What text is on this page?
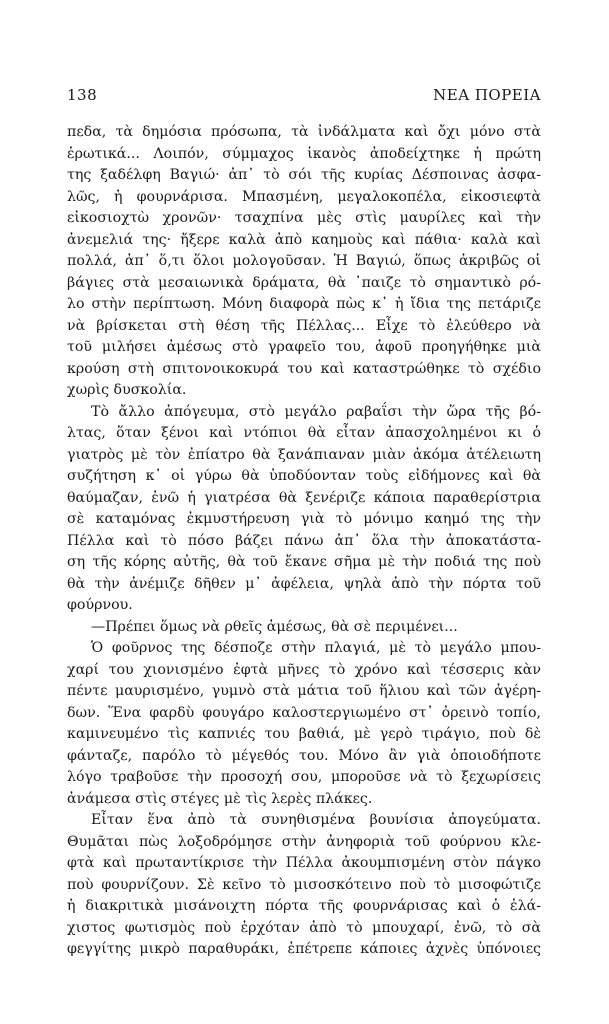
138	ΝΕΑ ΠΟΡΕΙΑ
πεδα, τὰ δημόσια πρόσωπα, τὰ ἰνδάλματα καὶ ὄχι μόνο στὰ
ἐρωτικά... Λοιπόν, σύμμαχος ἱκανὸς ἀποδείχτηκε ἡ πρώτη
της ξαδέλφη Βαγιώ· ἀπ᾽ τὸ σόι τῆς κυρίας Δέσποινας ἀσφα-
λῶς, ἡ φουρνάρισα. Μπασμένη, μεγαλοκοπέλα, εἰκοσιεφτὰ
εἰκοσιοχτὼ χρονῶν· τσαχπίνα μὲς στὶς μαυρίλες καὶ τὴν
ἀνεμελιά της· ἤξερε καλὰ ἀπὸ καημοὺς καὶ πάθια· καλὰ καὶ
πολλά, ἀπ᾽ ὅ,τι ὅλοι μολογοῦσαν. Ἡ Βαγιώ, ὅπως ἀκριβῶς οἱ
βάγιες στὰ μεσαιωνικὰ δράματα, θὰ ᾽παιζε τὸ σημαντικὸ ρό-
λο στὴν περίπτωση. Μόνη διαφορὰ πὼς κ᾽ ἡ ἴδια της πετάριζε
νὰ βρίσκεται στὴ θέση τῆς Πέλλας... Εἶχε τὸ ἐλεύθερο νὰ
τοῦ μιλήσει ἀμέσως στὸ γραφεῖο του, ἀφοῦ προηγήθηκε μιὰ
κρούση στὴ σπιτονοικοκυρά του καὶ καταστρώθηκε τὸ σχέδιο
χωρὶς δυσκολία.
Τὸ ἄλλο ἀπόγευμα, στὸ μεγάλο ραβαΐσι τὴν ὥρα τῆς βό-
λτας, ὅταν ξένοι καὶ ντόπιοι θὰ εἶταν ἀπασχολημένοι κι ὁ
γιατρὸς μὲ τὸν ἐπίατρο θὰ ξανάπιαναν μιὰν ἀκόμα ἀτέλειωτη
συζήτηση κ᾽ οἱ γύρω θὰ ὑποδύονταν τοὺς εἰδήμονες καὶ θὰ
θαύμαζαν, ἐνῶ ἡ γιατρέσα θὰ ξενέριζε κάποια παραθερίστρια
σὲ καταμόνας ἐκμυστήρευση γιὰ τὸ μόνιμο καημό της τὴν
Πέλλα καὶ τὸ πόσο βάζει πάνω ἀπ᾽ ὅλα τὴν ἀποκατάστα-
ση τῆς κόρης αὐτῆς, θὰ τοῦ ἔκανε σῆμα μὲ τὴν ποδιά της ποὺ
θὰ τὴν ἀνέμιζε δῆθεν μ᾽ ἀφέλεια, ψηλὰ ἀπὸ τὴν πόρτα τοῦ
φούρνου.
—Πρέπει ὅμως νὰ ρθεῖς ἀμέσως, θὰ σὲ περιμένει...
Ὁ φοῦρνος της δέσποζε στὴν πλαγιά, μὲ τὸ μεγάλο μπου-
χαρί του χιονισμένο ἐφτὰ μῆνες τὸ χρόνο καὶ τέσσερις κὰν
πέντε μαυρισμένο, γυμνὸ στὰ μάτια τοῦ ἥλιου καὶ τῶν ἀγέρη-
δων. Ἕνα φαρδὺ φουγάρο καλοστεργιωμένο στ᾽ ὀρεινὸ τοπίο,
καμινευμένο τὶς καπνιές του βαθιά, μὲ γερὸ τιράγιο, ποὺ δὲ
φάνταζε, παρόλο τὸ μέγεθός του. Μόνο ἂν γιὰ ὁποιοδήποτε
λόγο τραβοῦσε τὴν προσοχή σου, μποροῦσε νὰ τὸ ξεχωρίσεις
ἀνάμεσα στὶς στέγες μὲ τὶς λερὲς πλάκες.
Εἶταν ἕνα ἀπὸ τὰ συνηθισμένα βουνίσια ἀπογεύματα.
Θυμᾶται πὼς λοξοδρόμησε στὴν ἀνηφοριὰ τοῦ φούρνου κλε-
φτὰ καὶ πρωταντίκρισε τὴν Πέλλα ἀκουμπισμένη στὸν πάγκο
ποὺ φουρνίζουν. Σὲ κεῖνο τὸ μισοσκότεινο ποὺ τὸ μισοφώτιζε
ἡ διακριτικὰ μισάνοιχτη πόρτα τῆς φουρνάρισας καὶ ὁ ἐλά-
χιστος φωτισμὸς ποὺ ἐρχόταν ἀπὸ τὸ μπουχαρί, ἐνῶ, τὸ σὰ
φεγγίτης μικρὸ παραθυράκι, ἐπέτρεπε κάποιες ἀχνὲς ὑπόνοιες
